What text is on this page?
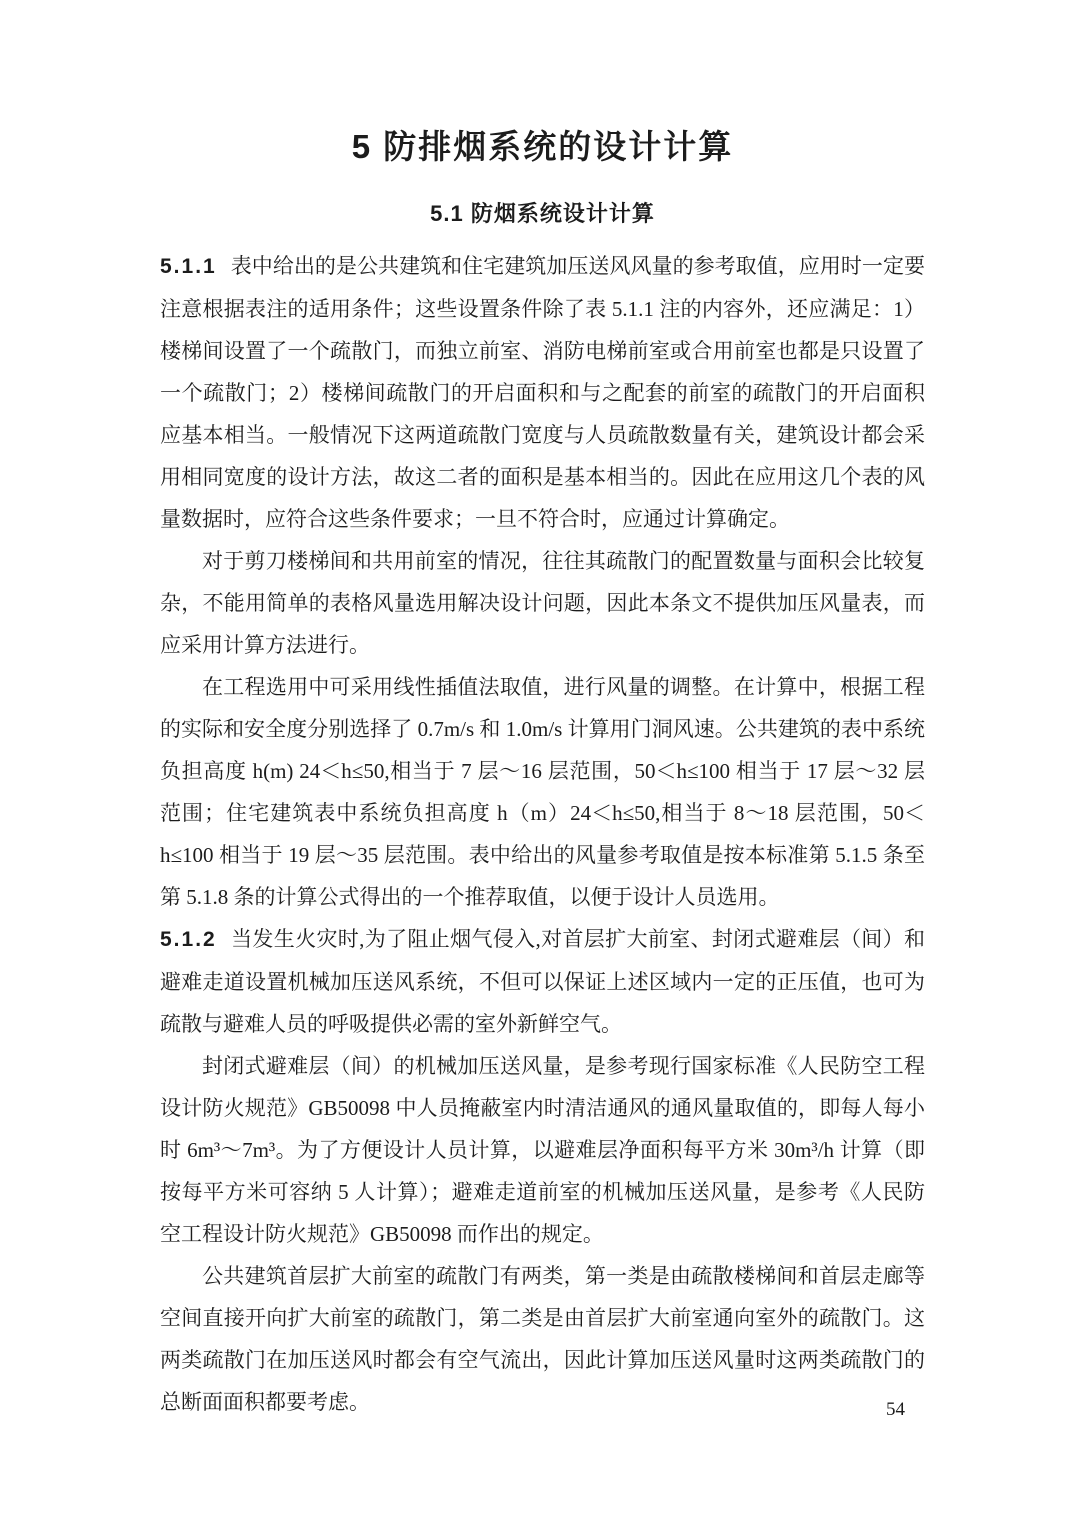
5 防排烟系统的设计计算
5.1 防烟系统设计计算

5.1.1 表中给出的是公共建筑和住宅建筑加压送风风量的参考取值，应用时一定要注意根据表注的适用条件；这些设置条件除了表 5.1.1 注的内容外，还应满足：1）楼梯间设置了一个疏散门，而独立前室、消防电梯前室或合用前室也都是只设置了一个疏散门；2）楼梯间疏散门的开启面积和与之配套的前室的疏散门的开启面积应基本相当。一般情况下这两道疏散门宽度与人员疏散数量有关，建筑设计都会采用相同宽度的设计方法，故这二者的面积是基本相当的。因此在应用这几个表的风量数据时，应符合这些条件要求；一旦不符合时，应通过计算确定。

对于剪刀楼梯间和共用前室的情况，往往其疏散门的配置数量与面积会比较复杂，不能用简单的表格风量选用解决设计问题，因此本条文不提供加压风量表，而应采用计算方法进行。

在工程选用中可采用线性插值法取值，进行风量的调整。在计算中，根据工程的实际和安全度分别选择了 0.7m/s 和 1.0m/s 计算用门洞风速。公共建筑的表中系统负担高度 h(m) 24＜h≤50,相当于 7 层～16 层范围，50＜h≤100 相当于 17 层～32 层范围；住宅建筑表中系统负担高度 h（m）24＜h≤50,相当于 8～18 层范围，50＜h≤100 相当于 19 层～35 层范围。表中给出的风量参考取值是按本标准第 5.1.5 条至第 5.1.8 条的计算公式得出的一个推荐取值，以便于设计人员选用。

5.1.2 当发生火灾时,为了阻止烟气侵入,对首层扩大前室、封闭式避难层（间）和避难走道设置机械加压送风系统，不但可以保证上述区域内一定的正压值，也可为疏散与避难人员的呼吸提供必需的室外新鲜空气。

封闭式避难层（间）的机械加压送风量，是参考现行国家标准《人民防空工程设计防火规范》GB50098 中人员掩蔽室内时清洁通风的通风量取值的，即每人每小时 6m³～7m³。为了方便设计人员计算，以避难层净面积每平方米 30m³/h 计算（即按每平方米可容纳 5 人计算）；避难走道前室的机械加压送风量，是参考《人民防空工程设计防火规范》GB50098 而作出的规定。

公共建筑首层扩大前室的疏散门有两类，第一类是由疏散楼梯间和首层走廊等空间直接开向扩大前室的疏散门，第二类是由首层扩大前室通向室外的疏散门。这两类疏散门在加压送风时都会有空气流出，因此计算加压送风量时这两类疏散门的总断面面积都要考虑。	54
